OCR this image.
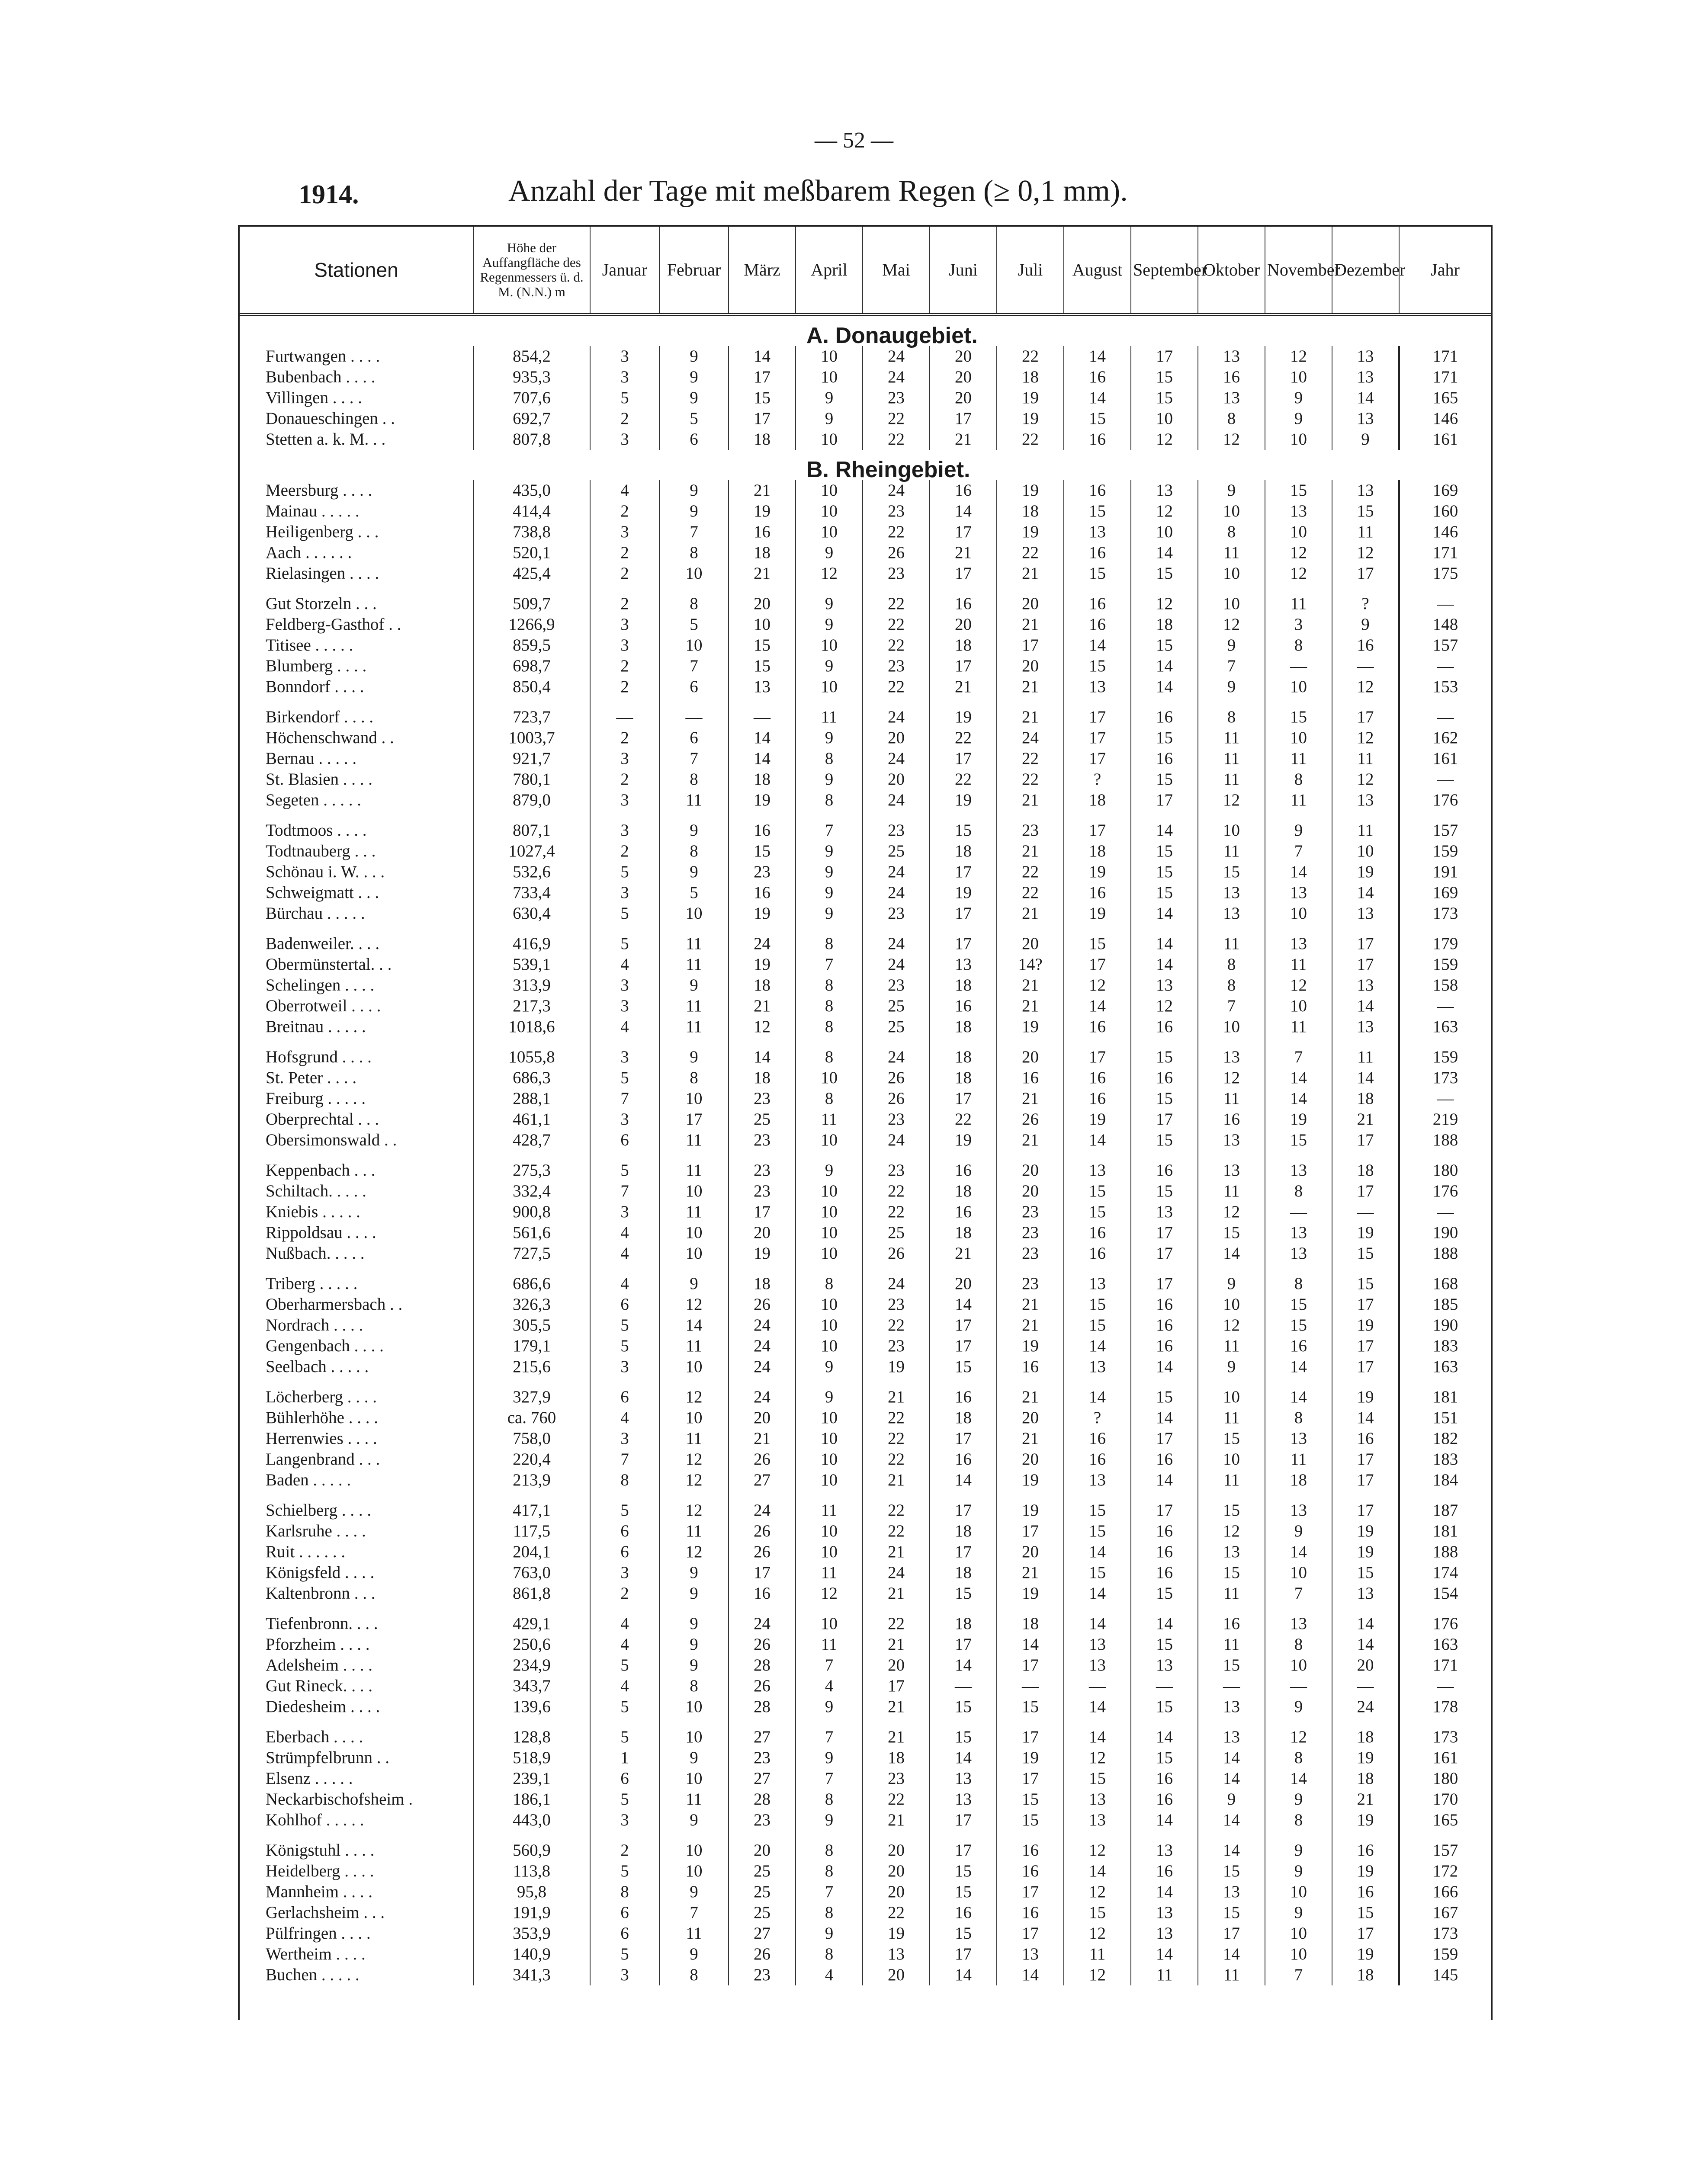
— 52 —
1914.	Anzahl der Tage mit meßbarem Regen (≥ 0,1 mm).
Stationen	Höhe der Auffangfläche des Regenmessers ü. d. M. (N.N.) m	Januar	Februar	März	April	Mai	Juni	Juli	August	September	Oktober	November	Dezember	Jahr
		A. Donaugebiet.												
Furtwangen . . . .	854,2	3	9	14	10	24	20	22	14	17	13	12	13	171
Bubenbach . . . .	935,3	3	9	17	10	24	20	18	16	15	16	10	13	171
Villingen . . . .	707,6	5	9	15	9	23	20	19	14	15	13	9	14	165
Donaueschingen . .	692,7	2	5	17	9	22	17	19	15	10	8	9	13	146
Stetten a. k. M. . .	807,8	3	6	18	10	22	21	22	16	12	12	10	9	161
		B. Rheingebiet.												
Meersburg . . . .	435,0	4	9	21	10	24	16	19	16	13	9	15	13	169
Mainau . . . . .	414,4	2	9	19	10	23	14	18	15	12	10	13	15	160
Heiligenberg . . .	738,8	3	7	16	10	22	17	19	13	10	8	10	11	146
Aach . . . . . .	520,1	2	8	18	9	26	21	22	16	14	11	12	12	171
Rielasingen . . . .	425,4	2	10	21	12	23	17	21	15	15	10	12	17	175

Gut Storzeln . . .	509,7	2	8	20	9	22	16	20	16	12	10	11	?	—
Feldberg-Gasthof . .	1266,9	3	5	10	9	22	20	21	16	18	12	3	9	148
Titisee . . . . .	859,5	3	10	15	10	22	18	17	14	15	9	8	16	157
Blumberg . . . .	698,7	2	7	15	9	23	17	20	15	14	7	—	—	—
Bonndorf . . . .	850,4	2	6	13	10	22	21	21	13	14	9	10	12	153

Birkendorf . . . .	723,7	—	—	—	11	24	19	21	17	16	8	15	17	—
Höchenschwand . .	1003,7	2	6	14	9	20	22	24	17	15	11	10	12	162
Bernau . . . . .	921,7	3	7	14	8	24	17	22	17	16	11	11	11	161
St. Blasien . . . .	780,1	2	8	18	9	20	22	22	?	15	11	8	12	—
Segeten . . . . .	879,0	3	11	19	8	24	19	21	18	17	12	11	13	176

Todtmoos . . . .	807,1	3	9	16	7	23	15	23	17	14	10	9	11	157
Todtnauberg . . .	1027,4	2	8	15	9	25	18	21	18	15	11	7	10	159
Schönau i. W. . . .	532,6	5	9	23	9	24	17	22	19	15	15	14	19	191
Schweigmatt . . .	733,4	3	5	16	9	24	19	22	16	15	13	13	14	169
Bürchau . . . . .	630,4	5	10	19	9	23	17	21	19	14	13	10	13	173

Badenweiler. . . .	416,9	5	11	24	8	24	17	20	15	14	11	13	17	179
Obermünstertal. . .	539,1	4	11	19	7	24	13	14?	17	14	8	11	17	159
Schelingen . . . .	313,9	3	9	18	8	23	18	21	12	13	8	12	13	158
Oberrotweil . . . .	217,3	3	11	21	8	25	16	21	14	12	7	10	14	—
Breitnau . . . . .	1018,6	4	11	12	8	25	18	19	16	16	10	11	13	163

Hofsgrund . . . .	1055,8	3	9	14	8	24	18	20	17	15	13	7	11	159
St. Peter . . . .	686,3	5	8	18	10	26	18	16	16	16	12	14	14	173
Freiburg . . . . .	288,1	7	10	23	8	26	17	21	16	15	11	14	18	—
Oberprechtal . . .	461,1	3	17	25	11	23	22	26	19	17	16	19	21	219
Obersimonswald . .	428,7	6	11	23	10	24	19	21	14	15	13	15	17	188

Keppenbach . . .	275,3	5	11	23	9	23	16	20	13	16	13	13	18	180
Schiltach. . . . .	332,4	7	10	23	10	22	18	20	15	15	11	8	17	176
Kniebis . . . . .	900,8	3	11	17	10	22	16	23	15	13	12	—	—	—
Rippoldsau . . . .	561,6	4	10	20	10	25	18	23	16	17	15	13	19	190
Nußbach. . . . .	727,5	4	10	19	10	26	21	23	16	17	14	13	15	188

Triberg . . . . .	686,6	4	9	18	8	24	20	23	13	17	9	8	15	168
Oberharmersbach . .	326,3	6	12	26	10	23	14	21	15	16	10	15	17	185
Nordrach . . . .	305,5	5	14	24	10	22	17	21	15	16	12	15	19	190
Gengenbach . . . .	179,1	5	11	24	10	23	17	19	14	16	11	16	17	183
Seelbach . . . . .	215,6	3	10	24	9	19	15	16	13	14	9	14	17	163

Löcherberg . . . .	327,9	6	12	24	9	21	16	21	14	15	10	14	19	181
Bühlerhöhe . . . .	ca. 760	4	10	20	10	22	18	20	?	14	11	8	14	151
Herrenwies . . . .	758,0	3	11	21	10	22	17	21	16	17	15	13	16	182
Langenbrand . . .	220,4	7	12	26	10	22	16	20	16	16	10	11	17	183
Baden . . . . .	213,9	8	12	27	10	21	14	19	13	14	11	18	17	184

Schielberg . . . .	417,1	5	12	24	11	22	17	19	15	17	15	13	17	187
Karlsruhe . . . .	117,5	6	11	26	10	22	18	17	15	16	12	9	19	181
Ruit . . . . . .	204,1	6	12	26	10	21	17	20	14	16	13	14	19	188
Königsfeld . . . .	763,0	3	9	17	11	24	18	21	15	16	15	10	15	174
Kaltenbronn . . .	861,8	2	9	16	12	21	15	19	14	15	11	7	13	154

Tiefenbronn. . . .	429,1	4	9	24	10	22	18	18	14	14	16	13	14	176
Pforzheim . . . .	250,6	4	9	26	11	21	17	14	13	15	11	8	14	163
Adelsheim . . . .	234,9	5	9	28	7	20	14	17	13	13	15	10	20	171
Gut Rineck. . . .	343,7	4	8	26	4	17	—	—	—	—	—	—	—	—
Diedesheim . . . .	139,6	5	10	28	9	21	15	15	14	15	13	9	24	178

Eberbach . . . .	128,8	5	10	27	7	21	15	17	14	14	13	12	18	173
Strümpfelbrunn . .	518,9	1	9	23	9	18	14	19	12	15	14	8	19	161
Elsenz . . . . .	239,1	6	10	27	7	23	13	17	15	16	14	14	18	180
Neckarbischofsheim .	186,1	5	11	28	8	22	13	15	13	16	9	9	21	170
Kohlhof . . . . .	443,0	3	9	23	9	21	17	15	13	14	14	8	19	165

Königstuhl . . . .	560,9	2	10	20	8	20	17	16	12	13	14	9	16	157
Heidelberg . . . .	113,8	5	10	25	8	20	15	16	14	16	15	9	19	172
Mannheim . . . .	95,8	8	9	25	7	20	15	17	12	14	13	10	16	166
Gerlachsheim . . .	191,9	6	7	25	8	22	16	16	15	13	15	9	15	167
Pülfringen . . . .	353,9	6	11	27	9	19	15	17	12	13	17	10	17	173
Wertheim . . . .	140,9	5	9	26	8	13	17	13	11	14	14	10	19	159
Buchen . . . . .	341,3	3	8	23	4	20	14	14	12	11	11	7	18	145
